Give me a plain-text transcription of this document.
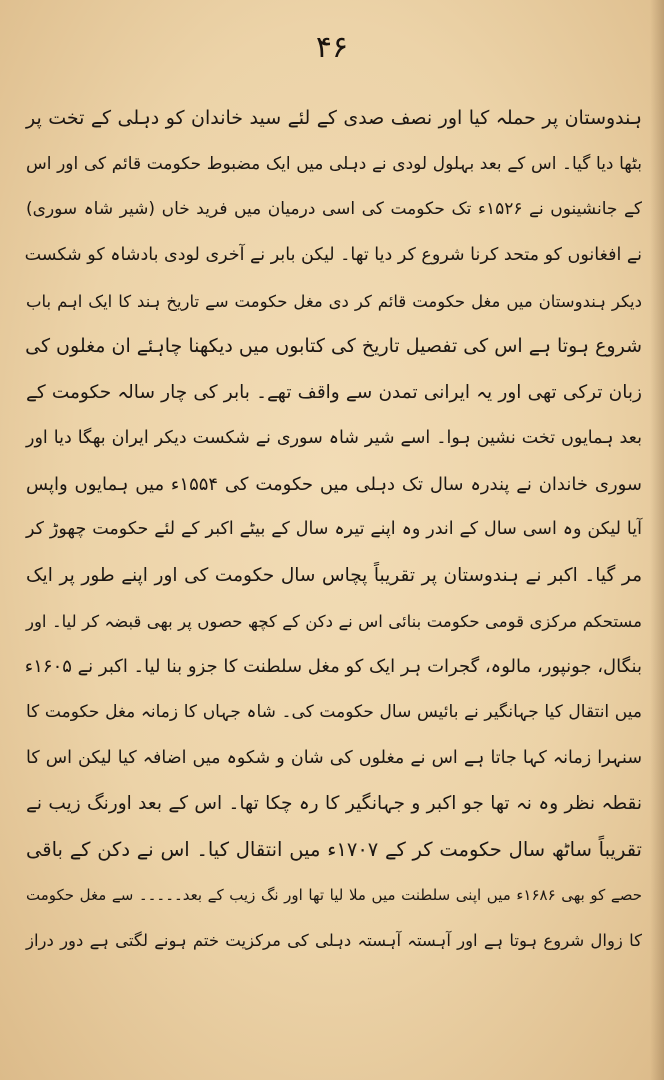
۴۶
ہندوستان پر حملہ کیا اور نصف صدی کے لئے سید خاندان کو دہلی کے تخت پر
بٹھا دیا گیا۔ اس کے بعد بہلول لودی نے دہلی میں ایک مضبوط حکومت قائم کی اور اس
کے جانشینوں نے ۱۵۲۶ء تک حکومت کی اسی درمیان میں فرید خاں (شیر شاہ سوری)
نے افغانوں کو متحد کرنا شروع کر دیا تھا۔ لیکن بابر نے آخری لودی بادشاہ کو شکست
دیکر ہندوستان میں مغل حکومت قائم کر دی مغل حکومت سے تاریخ ہند کا ایک اہم باب
شروع ہوتا ہے اس کی تفصیل تاریخ کی کتابوں میں دیکھنا چاہئے ان مغلوں کی
زبان ترکی تھی اور یہ ایرانی تمدن سے واقف تھے۔ بابر کی چار سالہ حکومت کے
بعد ہمایوں تخت نشین ہوا۔ اسے شیر شاہ سوری نے شکست دیکر ایران بھگا دیا اور
سوری خاندان نے پندرہ سال تک دہلی میں حکومت کی ۱۵۵۴ء میں ہمایوں واپس
آیا لیکن وہ اسی سال کے اندر وہ اپنے تیرہ سال کے بیٹے اکبر کے لئے حکومت چھوڑ کر
مر گیا۔ اکبر نے ہندوستان پر تقریباً پچاس سال حکومت کی اور اپنے طور پر ایک
مستحکم مرکزی قومی حکومت بنائی اس نے دکن کے کچھ حصوں پر بھی قبضہ کر لیا۔ اور
بنگال، جونپور، مالوہ، گجرات ہر ایک کو مغل سلطنت کا جزو بنا لیا۔ اکبر نے ۱۶۰۵ء
میں انتقال کیا جہانگیر نے بائیس سال حکومت کی۔ شاہ جہاں کا زمانہ مغل حکومت کا
سنہرا زمانہ کہا جاتا ہے اس نے مغلوں کی شان و شکوہ میں اضافہ کیا لیکن اس کا
نقطہ نظر وہ نہ تھا جو اکبر و جہانگیر کا رہ چکا تھا۔ اس کے بعد اورنگ زیب نے
تقریباً ساٹھ سال حکومت کر کے ۱۷۰۷ء میں انتقال کیا۔ اس نے دکن کے باقی
حصے کو بھی ۱۶۸۶ء میں اپنی سلطنت میں ملا لیا تھا اور نگ زیب کے بعد۔۔۔۔۔ سے مغل حکومت
کا زوال شروع ہوتا ہے اور آہستہ آہستہ دہلی کی مرکزیت ختم ہونے لگتی ہے دور دراز
